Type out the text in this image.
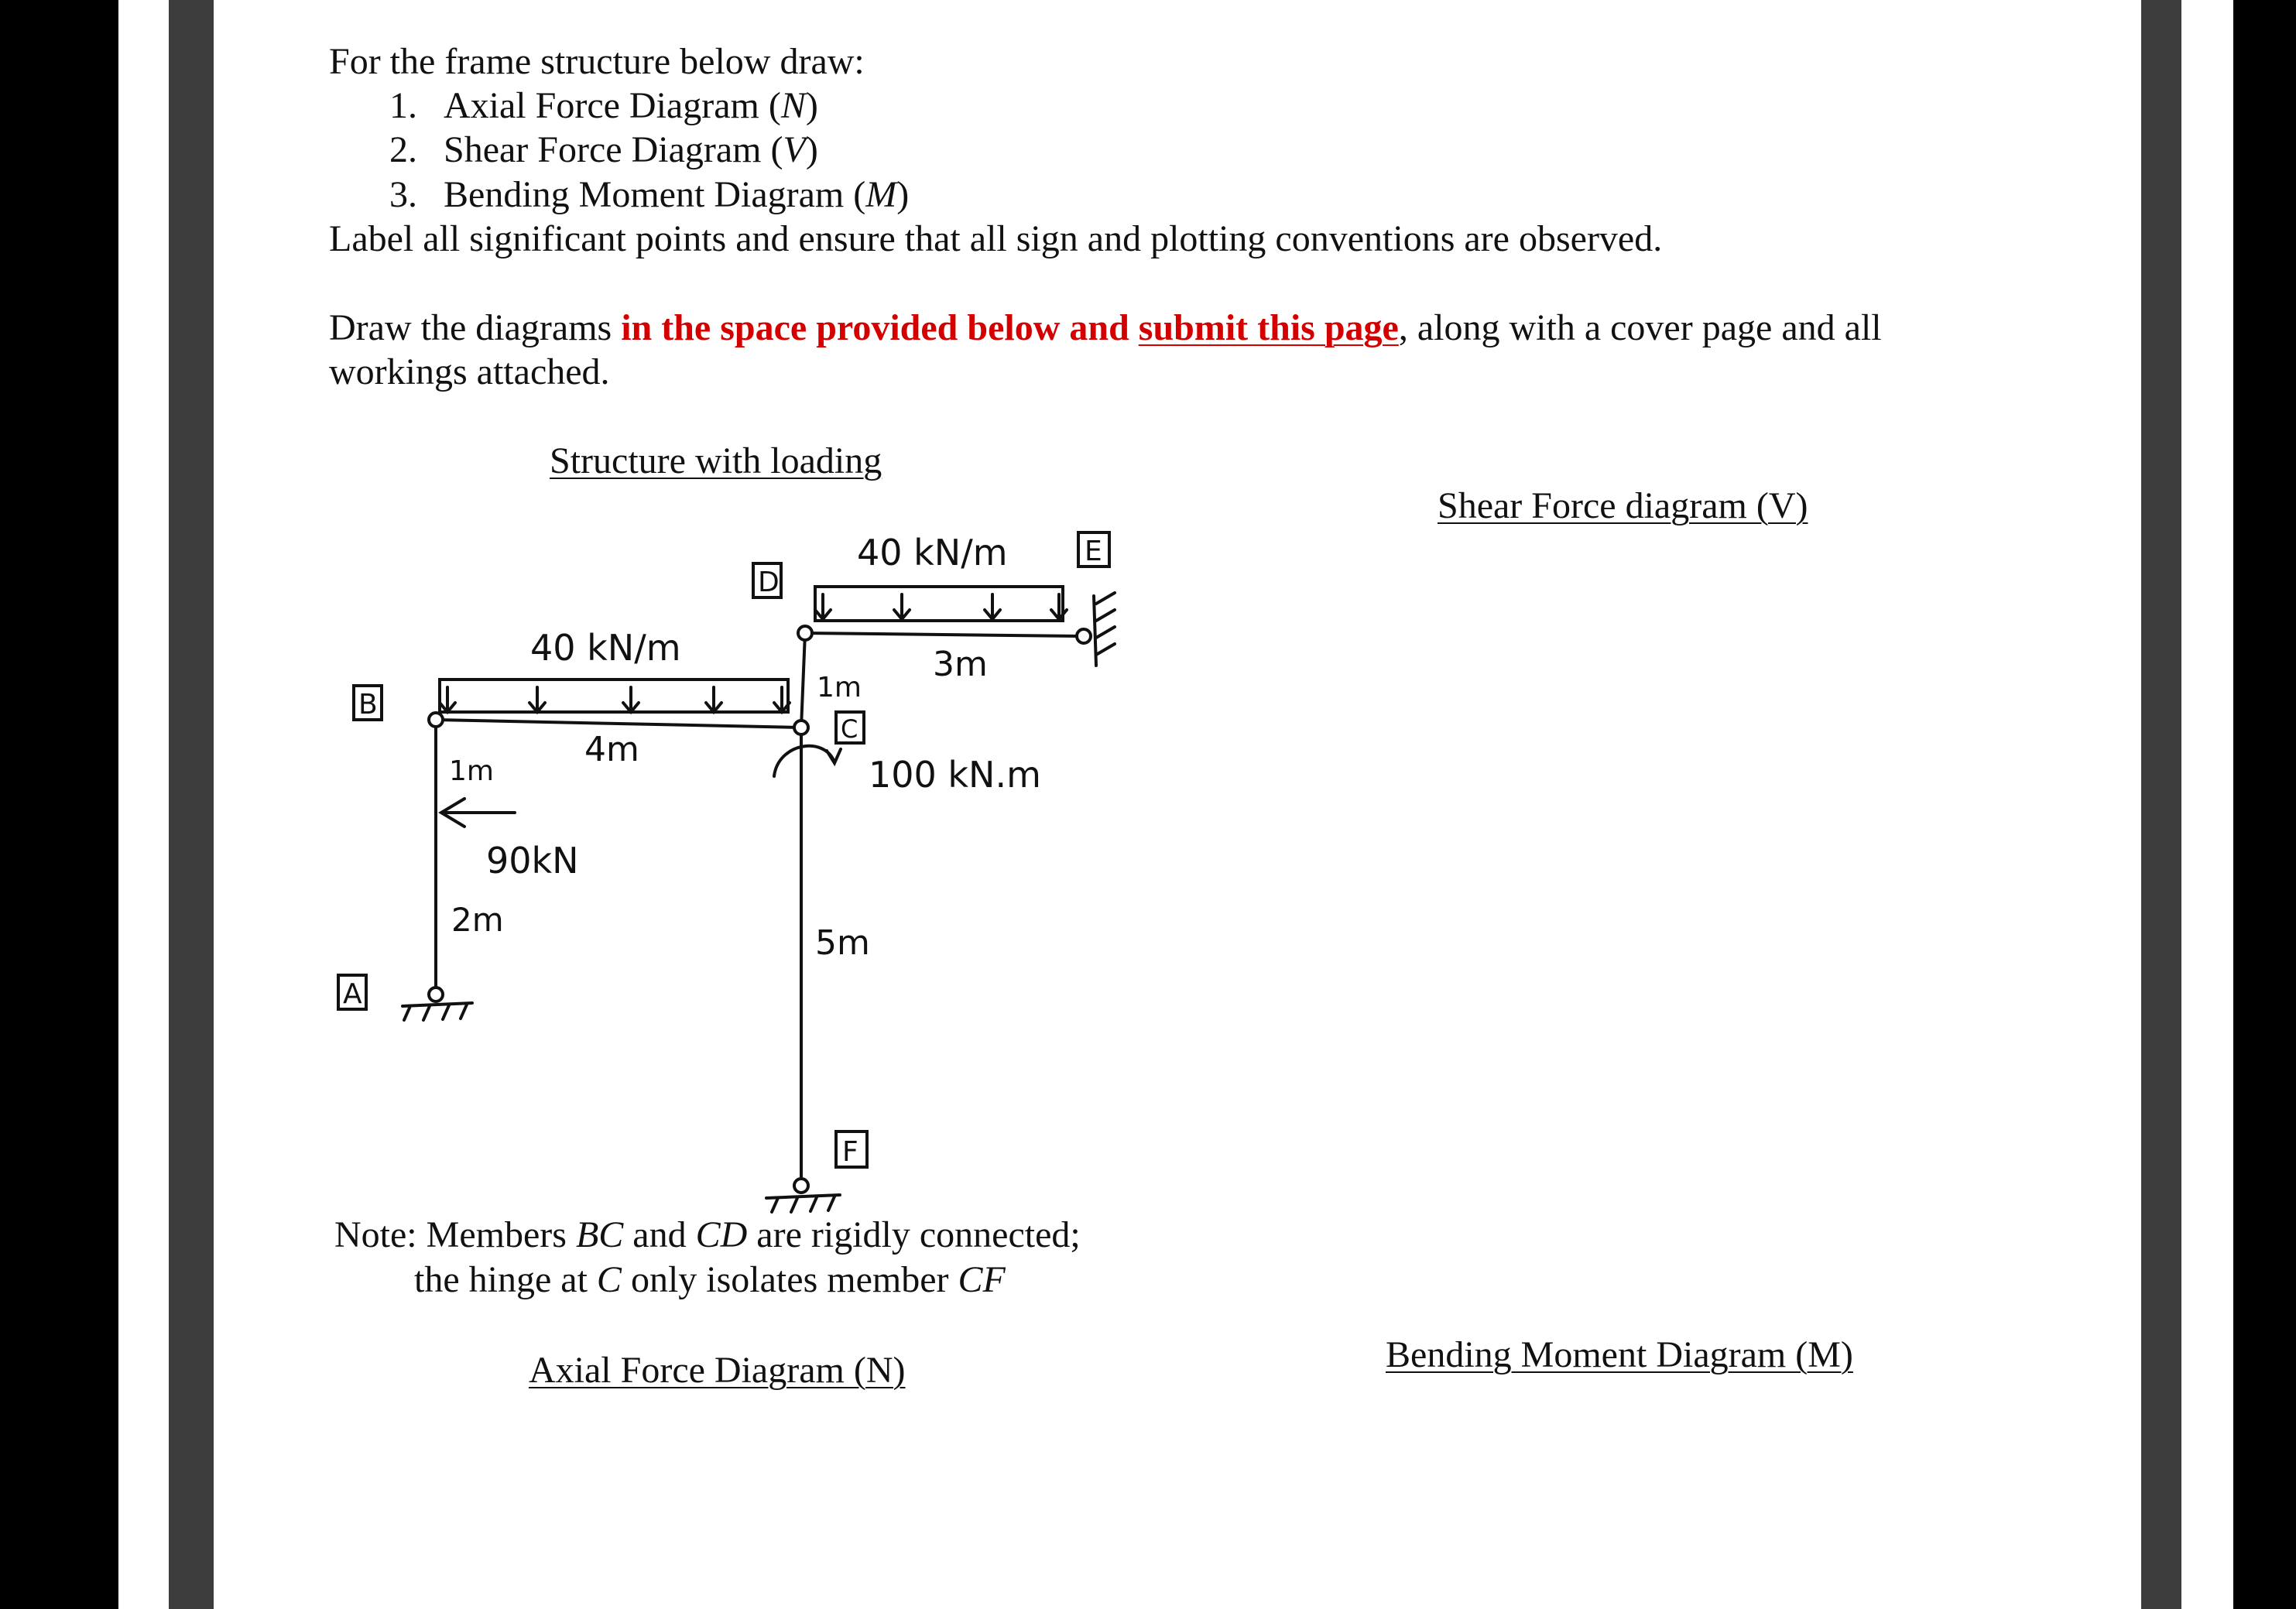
For the frame structure below draw:
1. Axial Force Diagram (N)
2. Shear Force Diagram (V)
3. Bending Moment Diagram (M)
Label all significant points and ensure that all sign and plotting conventions are observed.
Draw the diagrams in the space provided below and submit this page, along with a cover page and all
workings attached.
Structure with loading
Shear Force diagram (V)
Axial Force Diagram (N)	Bending Moment Diagram (M)
Note: Members BC and CD are rigidly connected;
the hinge at C only isolates member CF
B
A
C
D
E
F
40 kN/m
40 kN/m
90kN
100 kN.m
4m
3m
1m
5m
1m
2m
